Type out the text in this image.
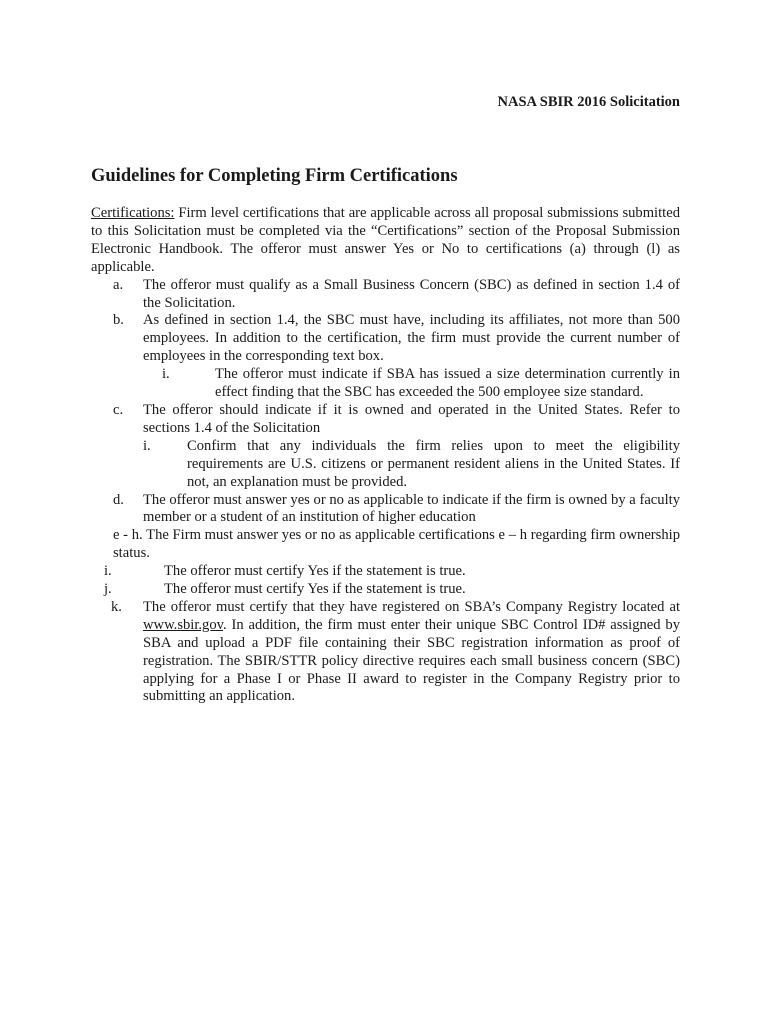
NASA SBIR 2016 Solicitation
Guidelines for Completing Firm Certifications
Certifications: Firm level certifications that are applicable across all proposal submissions submitted to this Solicitation must be completed via the “Certifications” section of the Proposal Submission Electronic Handbook. The offeror must answer Yes or No to certifications (a) through (l) as applicable.
a.	The offeror must qualify as a Small Business Concern (SBC) as defined in section 1.4 of the Solicitation.
b.	As defined in section 1.4, the SBC must have, including its affiliates, not more than 500 employees. In addition to the certification, the firm must provide the current number of employees in the corresponding text box.
i.	The offeror must indicate if SBA has issued a size determination currently in effect finding that the SBC has exceeded the 500 employee size standard.
c.	The offeror should indicate if it is owned and operated in the United States. Refer to sections 1.4 of the Solicitation
i.	Confirm that any individuals the firm relies upon to meet the eligibility requirements are U.S. citizens or permanent resident aliens in the United States. If not, an explanation must be provided.
d.	The offeror must answer yes or no as applicable to indicate if the firm is owned by a faculty member or a student of an institution of higher education
e - h. The Firm must answer yes or no as applicable certifications e – h regarding firm ownership status.
i.	The offeror must certify Yes if the statement is true.
j.	The offeror must certify Yes if the statement is true.
k.	The offeror must certify that they have registered on SBA’s Company Registry located at www.sbir.gov. In addition, the firm must enter their unique SBC Control ID# assigned by SBA and upload a PDF file containing their SBC registration information as proof of registration. The SBIR/STTR policy directive requires each small business concern (SBC) applying for a Phase I or Phase II award to register in the Company Registry prior to submitting an application.
